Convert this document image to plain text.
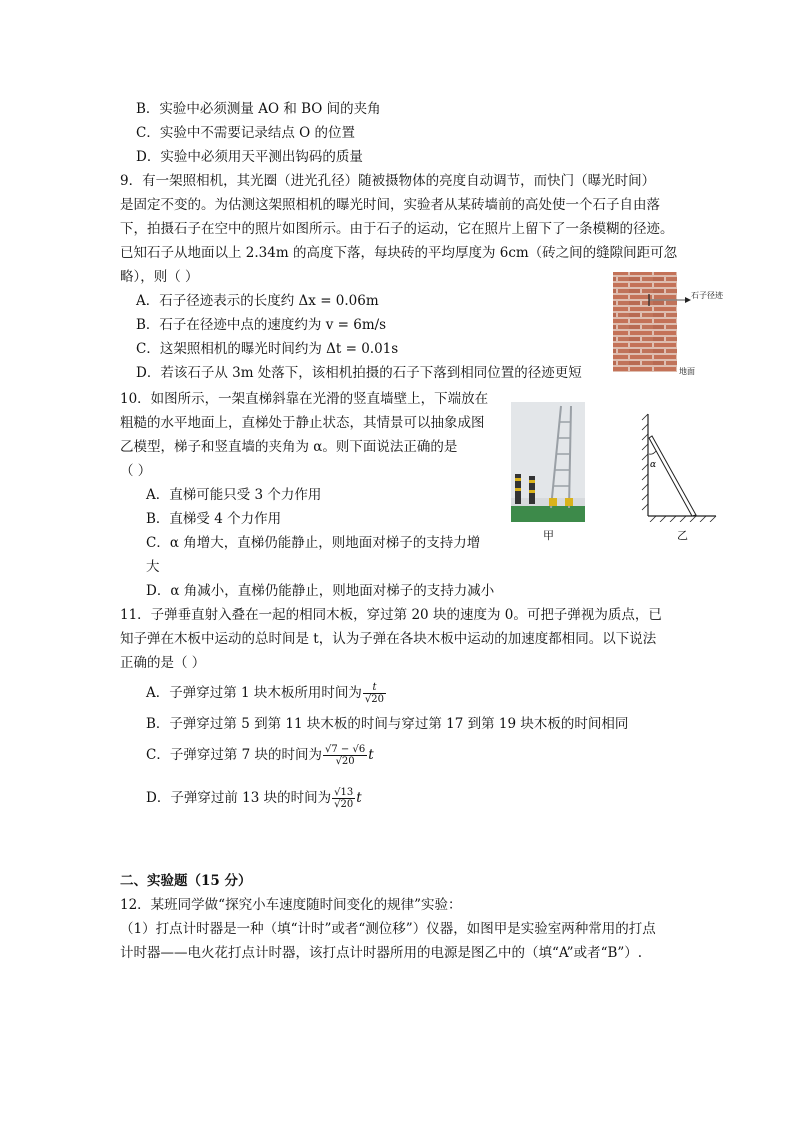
B．实验中必须测量 AO 和 BO 间的夹角
C．实验中不需要记录结点 O 的位置
D．实验中必须用天平测出钩码的质量
9．有一架照相机，其光圈（进光孔径）随被摄物体的亮度自动调节，而快门（曝光时间）
是固定不变的。为估测这架照相机的曝光时间，实验者从某砖墙前的高处使一个石子自由落
下，拍摄石子在空中的照片如图所示。由于石子的运动，它在照片上留下了一条模糊的径迹。
已知石子从地面以上 2.34m 的高度下落，每块砖的平均厚度为 6cm（砖之间的缝隙间距可忽
略），则（ ）
A．石子径迹表示的长度约 Δx = 0.06m
B．石子在径迹中点的速度约为 v = 6m/s
C．这架照相机的曝光时间约为 Δt = 0.01s
D．若该石子从 3m 处落下，该相机拍摄的石子下落到相同位置的径迹更短
石子径迹
地面
10．如图所示，一架直梯斜靠在光滑的竖直墙壁上，下端放在
粗糙的水平地面上，直梯处于静止状态，其情景可以抽象成图
乙模型，梯子和竖直墙的夹角为 α。则下面说法正确的是
（ ）
A．直梯可能只受 3 个力作用
B．直梯受 4 个力作用
C．α 角增大，直梯仍能静止，则地面对梯子的支持力增
大
D．α 角减小，直梯仍能静止，则地面对梯子的支持力减小
甲
α
乙
11．子弹垂直射入叠在一起的相同木板，穿过第 20 块的速度为 0。可把子弹视为质点，已
知子弹在木板中运动的总时间是 t，认为子弹在各块木板中运动的加速度都相同。以下说法
正确的是（ ）
A．子弹穿过第 1 块木板所用时间为 $\frac{t}{√20}$
B．子弹穿过第 5 到第 11 块木板的时间与穿过第 17 到第 19 块木板的时间相同
C．子弹穿过第 7 块的时间为 $\frac{√7 - √6}{√20}$ t
D．子弹穿过前 13 块的时间为 $\frac{√13}{√20}$ t
二、实验题（15 分）
12．某班同学做“探究小车速度随时间变化的规律”实验：
（1）打点计时器是一种（填“计时”或者“测位移”）仪器，如图甲是实验室两种常用的打点
计时器——电火花打点计时器，该打点计时器所用的电源是图乙中的（填“A”或者“B”）.
